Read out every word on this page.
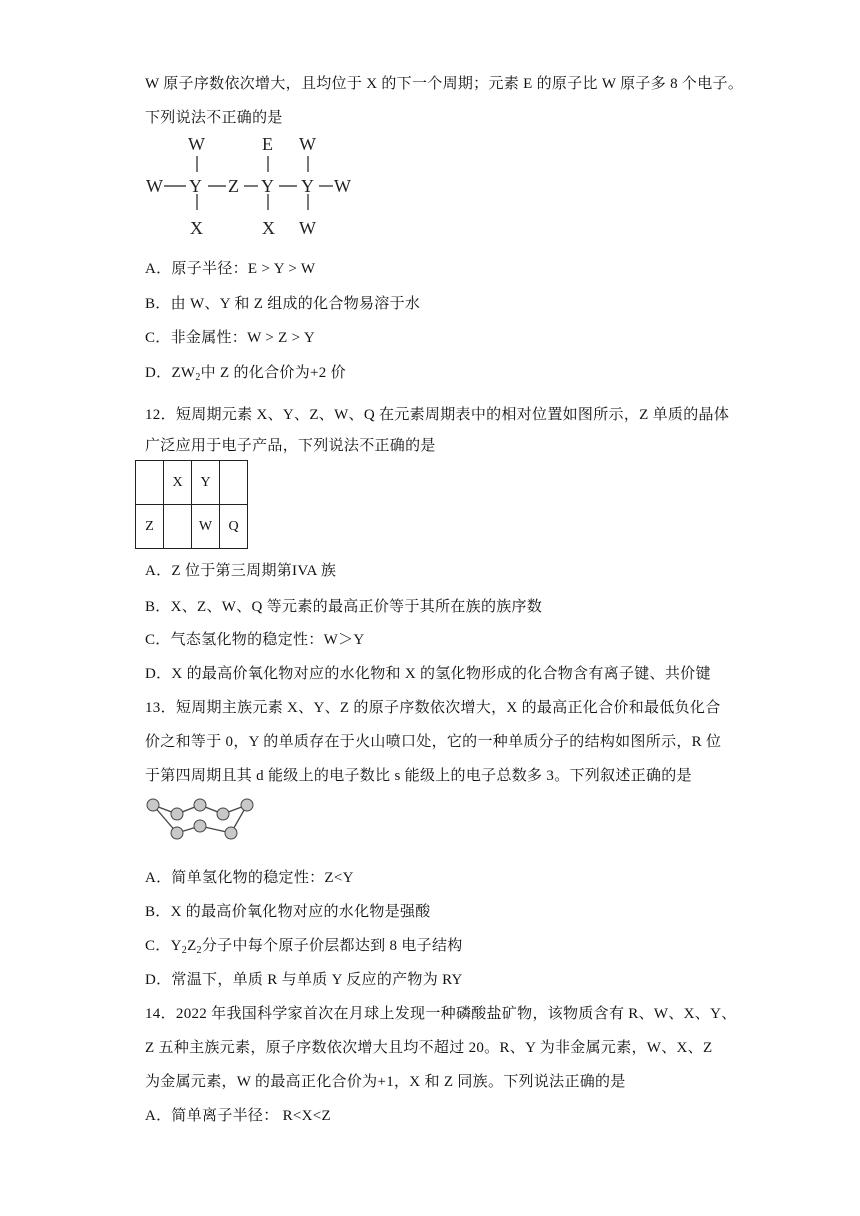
W 原子序数依次增大，且均位于 X 的下一个周期；元素 E 的原子比 W 原子多 8 个电子。
下列说法不正确的是
W
W Y Z
X
E
Y
X
W
Y W
W
A．原子半径：E > Y > W
B．由 W、Y 和 Z 组成的化合物易溶于水
C．非金属性：W > Z > Y
D．$ZW_2$中 Z 的化合价为+2 价
12．短周期元素 X、Y、Z、W、Q 在元素周期表中的相对位置如图所示，Z 单质的晶体
广泛应用于电子产品，下列说法不正确的是
	X	Y	
Z		W	Q
A．Z 位于第三周期第IVA 族
B．X、Z、W、Q 等元素的最高正价等于其所在族的族序数
C．气态氢化物的稳定性：W＞Y
D．X 的最高价氧化物对应的水化物和 X 的氢化物形成的化合物含有离子键、共价键
13．短周期主族元素 X、Y、Z 的原子序数依次增大，X 的最高正化合价和最低负化合
价之和等于 0，Y 的单质存在于火山喷口处，它的一种单质分子的结构如图所示，R 位
于第四周期且其 d 能级上的电子数比 s 能级上的电子总数多 3。下列叙述正确的是
A．简单氢化物的稳定性：Z<Y
B．X 的最高价氧化物对应的水化物是强酸
C．$Y_2Z_2$分子中每个原子价层都达到 8 电子结构
D．常温下，单质 R 与单质 Y 反应的产物为 RY
14．2022 年我国科学家首次在月球上发现一种磷酸盐矿物，该物质含有 R、W、X、Y、
Z 五种主族元素，原子序数依次增大且均不超过 20。R、Y 为非金属元素，W、X、Z
为金属元素，W 的最高正化合价为+1，X 和 Z 同族。下列说法正确的是
A．简单离子半径： R<X<Z
